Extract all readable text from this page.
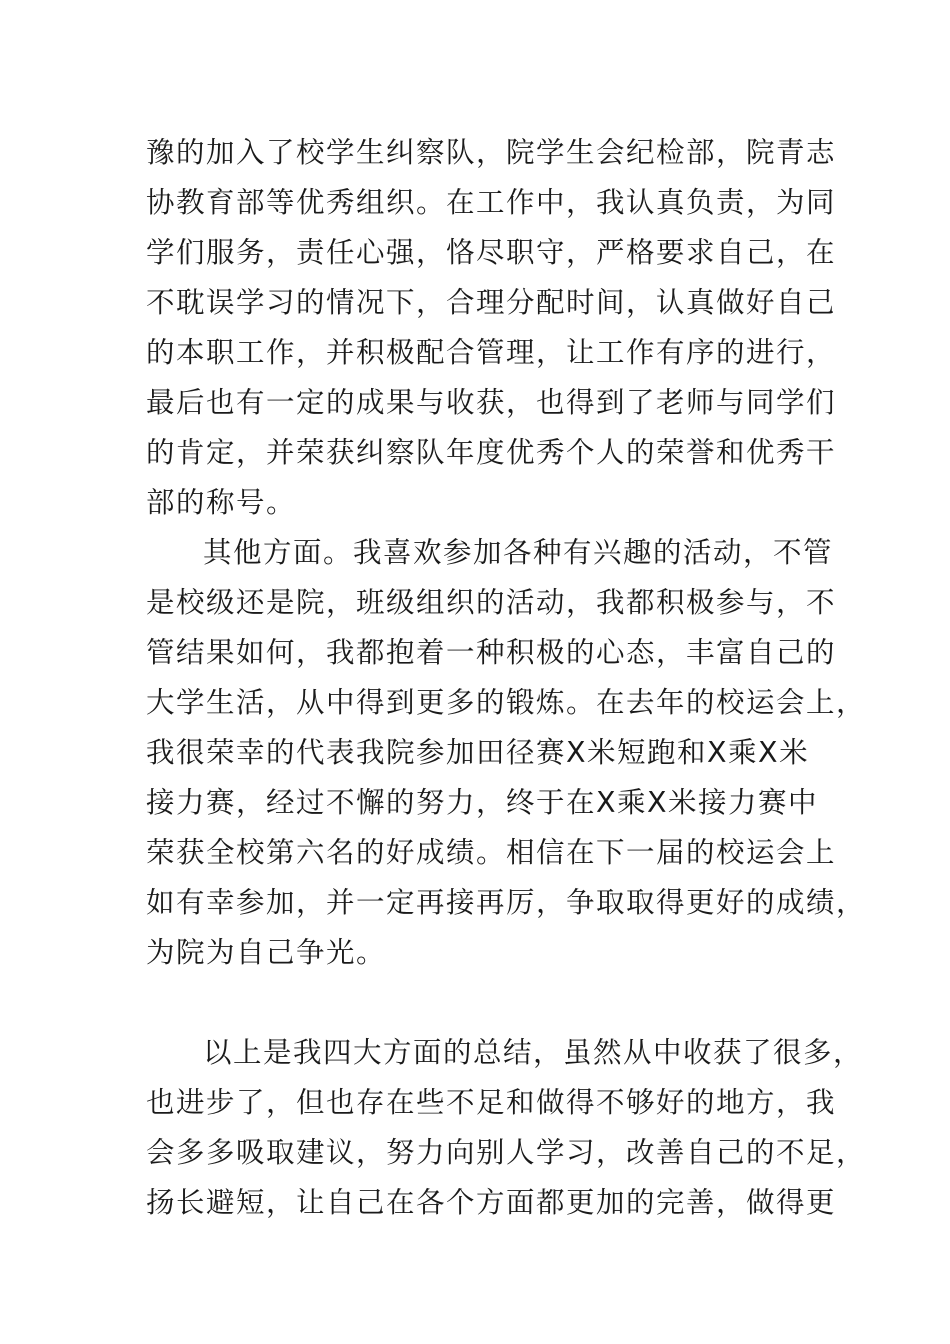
豫的加入了校学生纠察队，院学生会纪检部，院青志
协教育部等优秀组织。在工作中，我认真负责，为同
学们服务，责任心强，恪尽职守，严格要求自己，在
不耽误学习的情况下，合理分配时间，认真做好自己
的本职工作，并积极配合管理，让工作有序的进行，
最后也有一定的成果与收获，也得到了老师与同学们
的肯定，并荣获纠察队年度优秀个人的荣誉和优秀干
部的称号。
其他方面。我喜欢参加各种有兴趣的活动，不管
是校级还是院，班级组织的活动，我都积极参与，不
管结果如何，我都抱着一种积极的心态，丰富自己的
大学生活，从中得到更多的锻炼。在去年的校运会上，
我很荣幸的代表我院参加田径赛X米短跑和X乘X米
接力赛，经过不懈的努力，终于在X乘X米接力赛中
荣获全校第六名的好成绩。相信在下一届的校运会上
如有幸参加，并一定再接再厉，争取取得更好的成绩，
为院为自己争光。
以上是我四大方面的总结，虽然从中收获了很多，
也进步了，但也存在些不足和做得不够好的地方，我
会多多吸取建议，努力向别人学习，改善自己的不足，
扬长避短，让自己在各个方面都更加的完善，做得更
